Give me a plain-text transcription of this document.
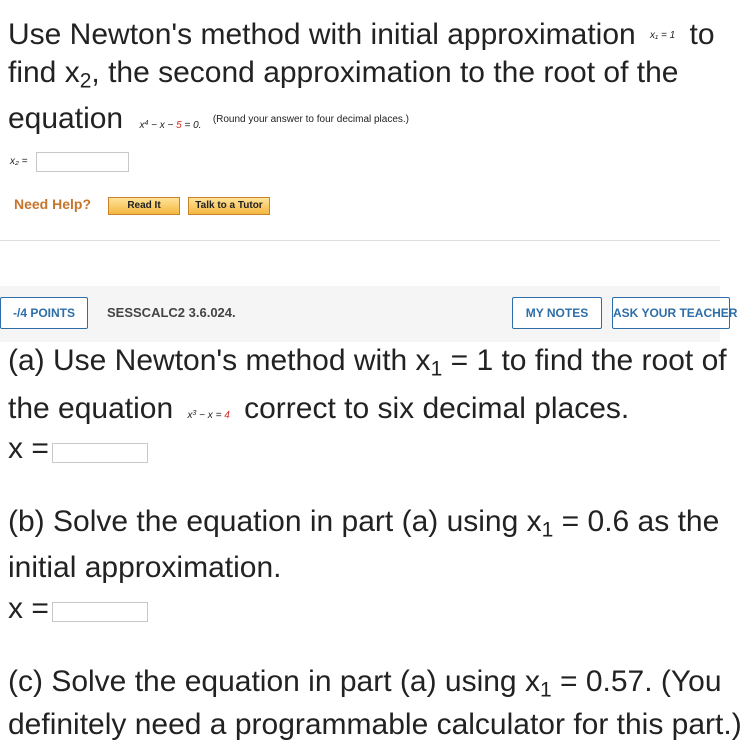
Use Newton's method with initial approximation x₁ = 1 to
find $x_2$, the second approximation to the root of the
equation $x^4 - x - 5 = 0$. (Round your answer to four decimal places.)
x₂ =
Need Help?	Read It	Talk to a Tutor
-/4 POINTS	SESSCALC2 3.6.024.	MY NOTES	ASK YOUR TEACHER
(a) Use Newton's method with $x_1 = 1$ to find the root of
the equation $x^3 - x = 4$ correct to six decimal places.
x =
(b) Solve the equation in part (a) using $x_1 = 0.6$ as the
initial approximation.
x =
(c) Solve the equation in part (a) using $x_1 = 0.57$. (You
definitely need a programmable calculator for this part.)
